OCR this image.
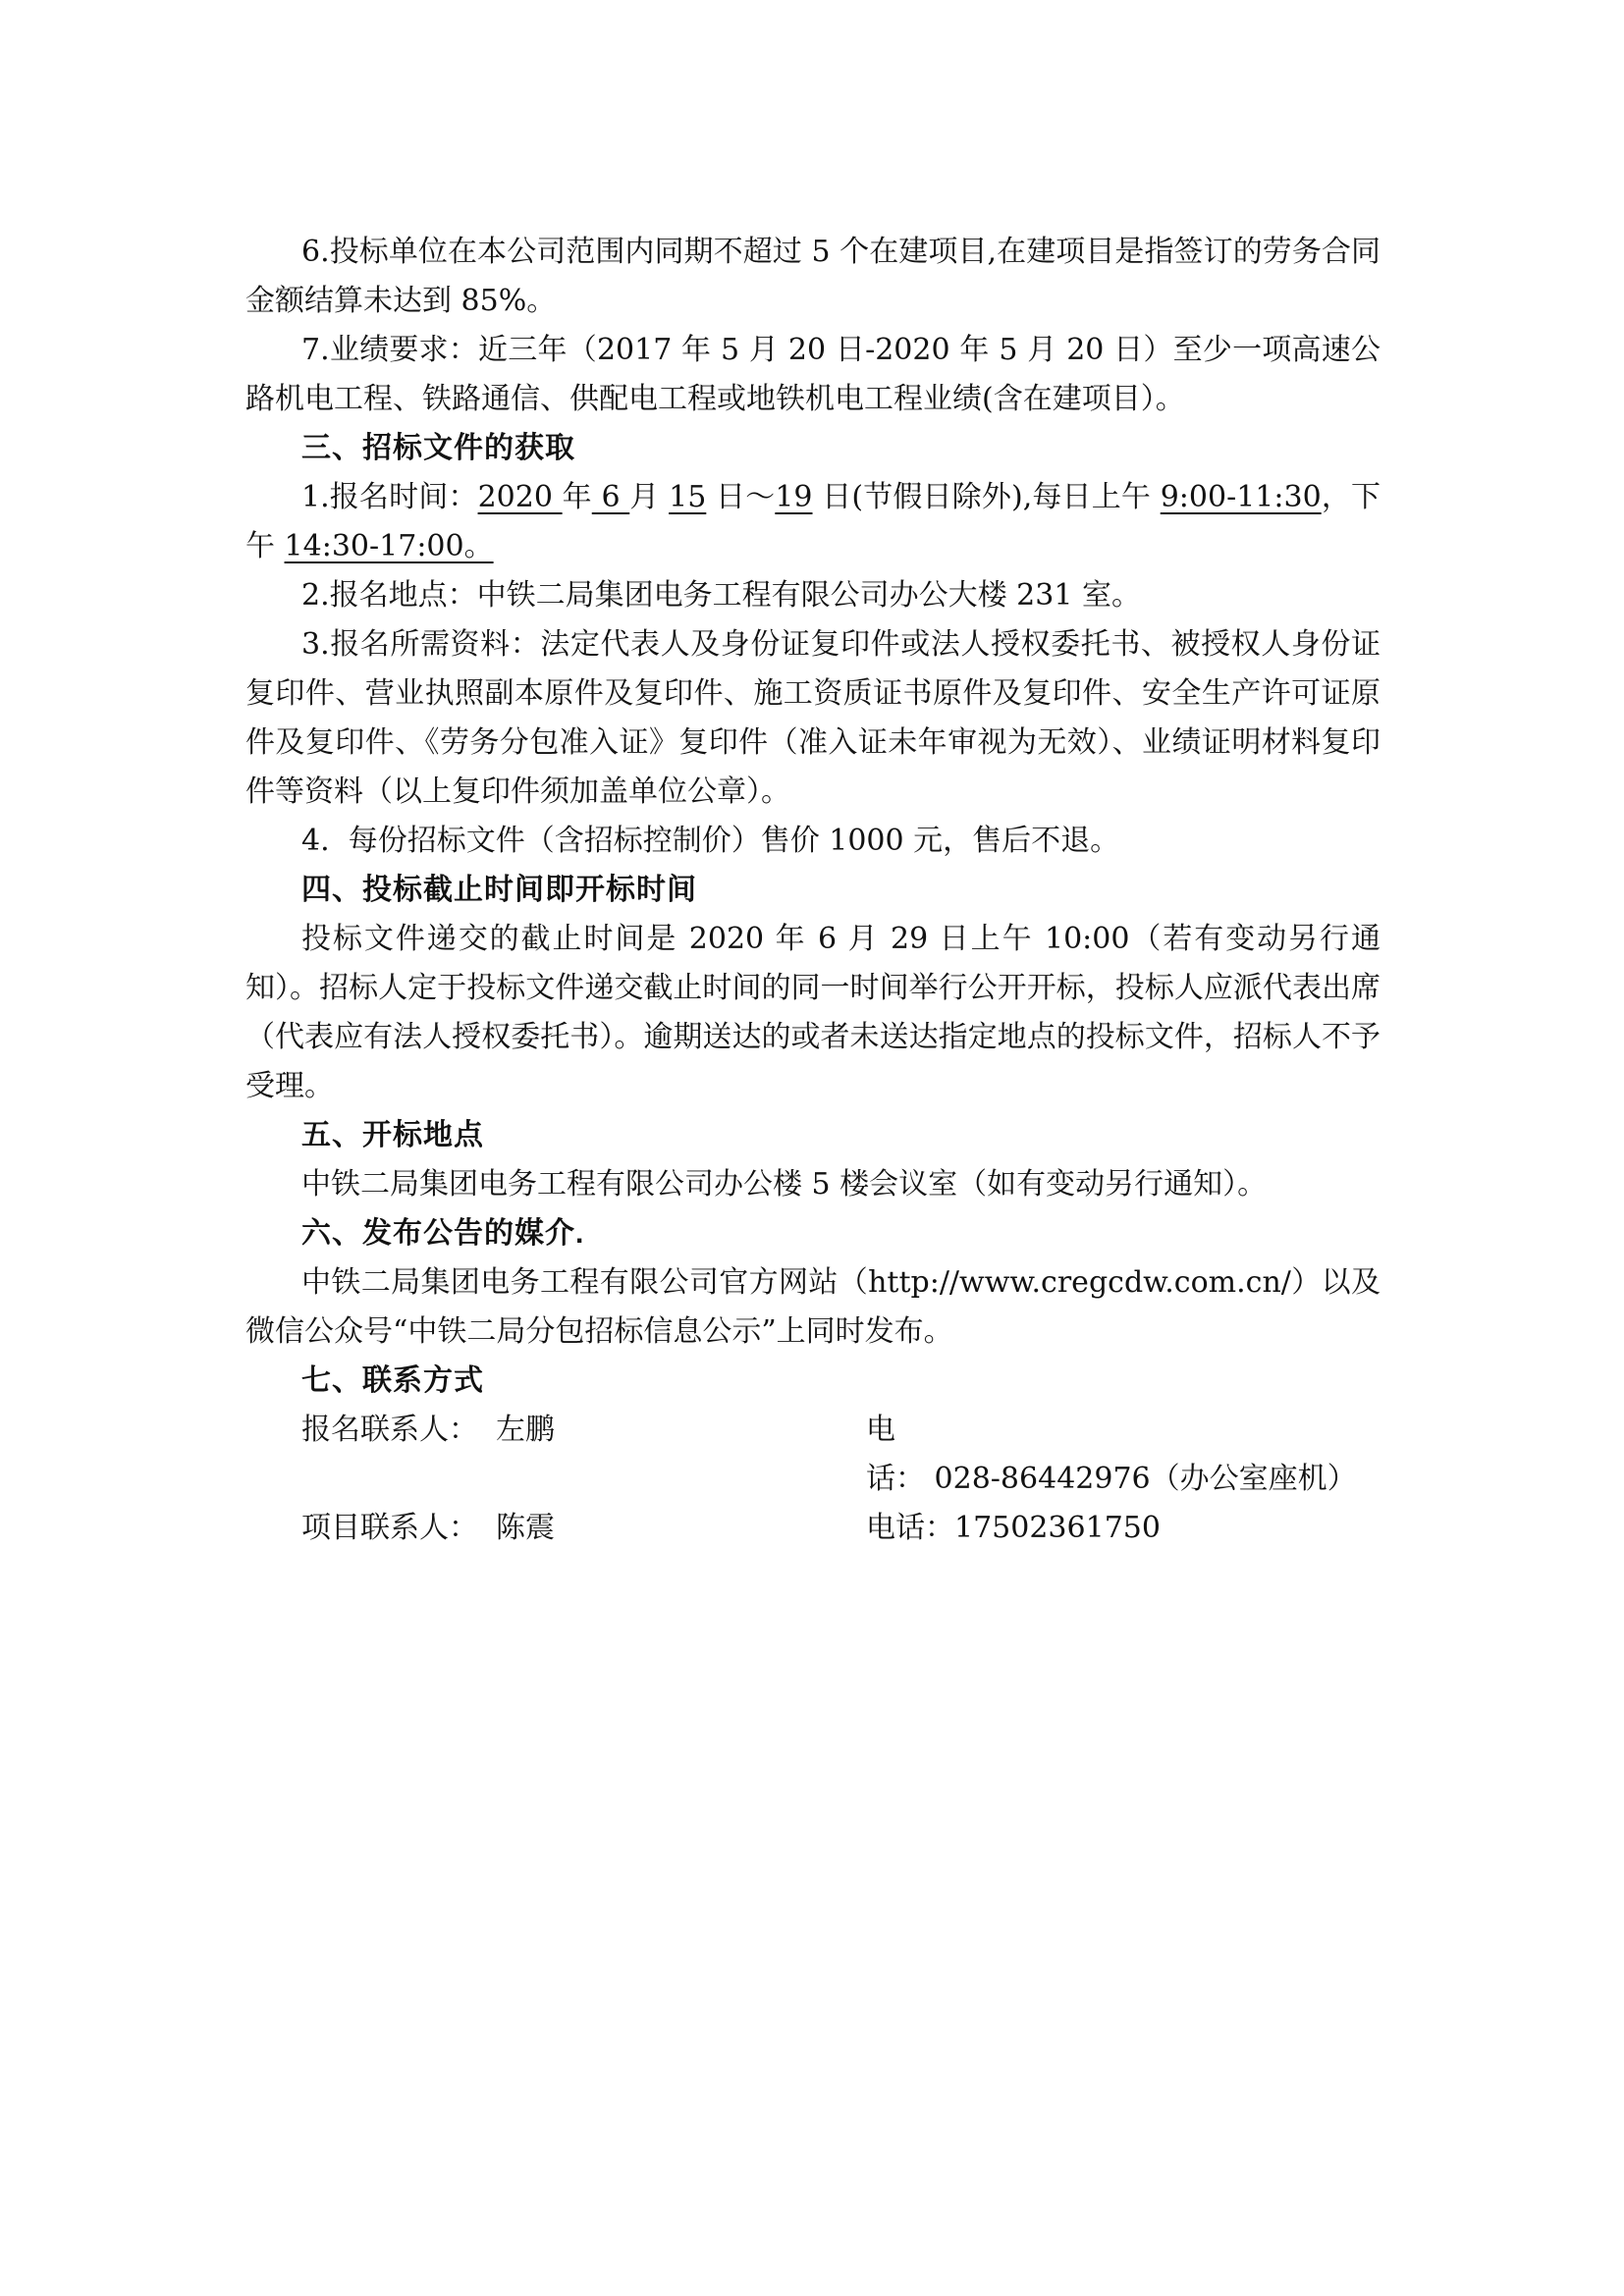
6.投标单位在本公司范围内同期不超过 5 个在建项目,在建项目是指签订的劳务合同金额结算未达到 85%。

7.业绩要求：近三年（2017 年 5 月 20 日-2020 年 5 月 20 日）至少一项高速公路机电工程、铁路通信、供配电工程或地铁机电工程业绩(含在建项目）。

三、招标文件的获取

1.报名时间：2020 年 6 月 15 日～19 日(节假日除外),每日上午 9:00-11:30，下午 14:30-17:00。

2.报名地点：中铁二局集团电务工程有限公司办公大楼 231 室。

3.报名所需资料：法定代表人及身份证复印件或法人授权委托书、被授权人身份证复印件、营业执照副本原件及复印件、施工资质证书原件及复印件、安全生产许可证原件及复印件、《劳务分包准入证》复印件（准入证未年审视为无效）、业绩证明材料复印件等资料（以上复印件须加盖单位公章）。

4.  每份招标文件（含招标控制价）售价 1000 元，售后不退。

四、投标截止时间即开标时间

投标文件递交的截止时间是 2020 年 6 月 29 日上午 10:00（若有变动另行通知）。招标人定于投标文件递交截止时间的同一时间举行公开开标，投标人应派代表出席（代表应有法人授权委托书）。逾期送达的或者未送达指定地点的投标文件，招标人不予受理。

五、开标地点

中铁二局集团电务工程有限公司办公楼 5 楼会议室（如有变动另行通知）。

六、发布公告的媒介.

中铁二局集团电务工程有限公司官方网站（http://www.cregcdw.com.cn/）以及微信公众号“中铁二局分包招标信息公示”上同时发布。

七、联系方式

报名联系人： 左鹏	电话： 028-86442976（办公室座机）
项目联系人： 陈震	电话：17502361750
